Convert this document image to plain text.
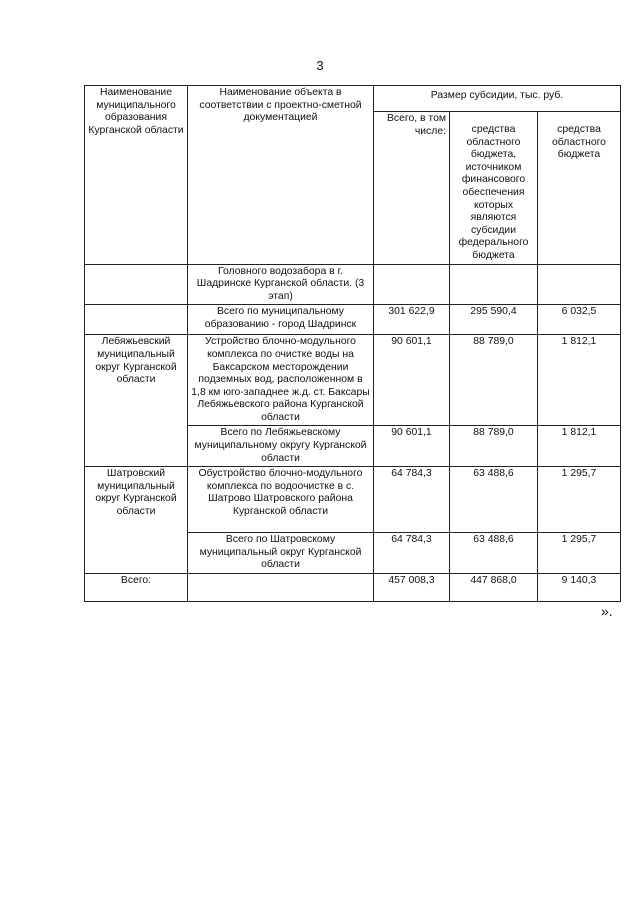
3
Наименование муниципального образования Курганской области	Наименование объекта в соответствии с проектно-сметной документацией	Размер субсидии, тыс. руб.		
		Всего, в том числе:	средства областного бюджета, источником финансового обеспечения которых являются субсидии федерального бюджета	средства областного бюджета
	Головного водозабора в г. Шадринске Курганской области. (3 этап)			
	Всего по муниципальному образованию - город Шадринск	301 622,9	295 590,4	6 032,5
Лебяжьевский муниципальный округ Курганской области	Устройство блочно-модульного комплекса по очистке воды на Баксарском месторождении подземных вод, расположенном в 1,8 км юго-западнее ж.д. ст. Баксары Лебяжьевского района Курганской области	90 601,1	88 789,0	1 812,1
	Всего по Лебяжьевскому муниципальному округу Курганской области	90 601,1	88 789,0	1 812,1
Шатровский муниципальный округ Курганской области	Обустройство блочно-модульного комплекса по водоочистке в с. Шатрово Шатровского района Курганской области	64 784,3	63 488,6	1 295,7
	Всего по Шатровскому муниципальный округ Курганской области	64 784,3	63 488,6	1 295,7
Всего:		457 008,3	447 868,0	9 140,3
».
